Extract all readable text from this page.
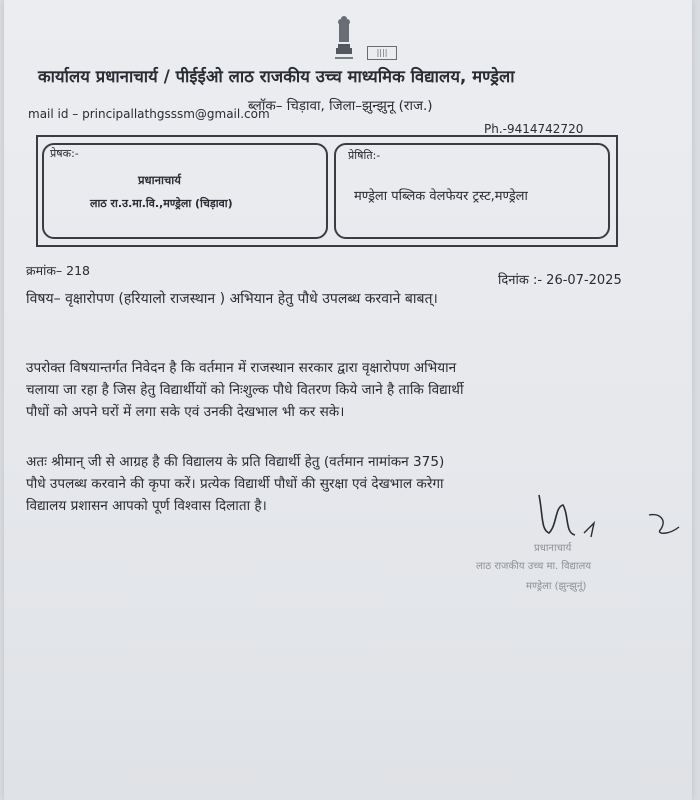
||||
कार्यालय प्रधानाचार्य / पीईईओ लाठ राजकीय उच्च माध्यमिक विद्यालय, मण्ड्रेला
ब्लॉक– चिड़ावा, जिला–झुन्झुनू (राज.)
mail id – principallathgsssm@gmail.com
Ph.-9414742720
प्रेषक:-
प्रधानाचार्य
लाठ रा.उ.मा.वि.,मण्ड्रेला (चिड़ावा)
प्रेषिति:-
मण्ड्रेला पब्लिक वेलफेयर ट्रस्ट,मण्ड्रेला
क्रमांक– 218
दिनांक :- 26-07-2025
विषय– वृक्षारोपण (हरियालो राजस्थान ) अभियान हेतु पौधे उपलब्ध करवाने बाबत्।
उपरोक्त विषयान्तर्गत निवेदन है कि वर्तमान में राजस्थान सरकार द्वारा वृक्षारोपण अभियान
चलाया जा रहा है जिस हेतु विद्यार्थीयों को निःशुल्क पौधे वितरण किये जाने है ताकि विद्यार्थी
पौधों को अपने घरों में लगा सके एवं उनकी देखभाल भी कर सके।
अतः श्रीमान् जी से आग्रह है की विद्यालय के प्रति विद्यार्थी हेतु (वर्तमान नामांकन 375)
पौधे उपलब्ध करवाने की कृपा करें। प्रत्येक विद्यार्थी पौधों की सुरक्षा एवं देखभाल करेगा
विद्यालय प्रशासन आपको पूर्ण विश्वास दिलाता है।
प्रधानाचार्य
लाठ राजकीय उच्च मा. विद्यालय
मण्ड्रेला (झुन्झुनूं)
